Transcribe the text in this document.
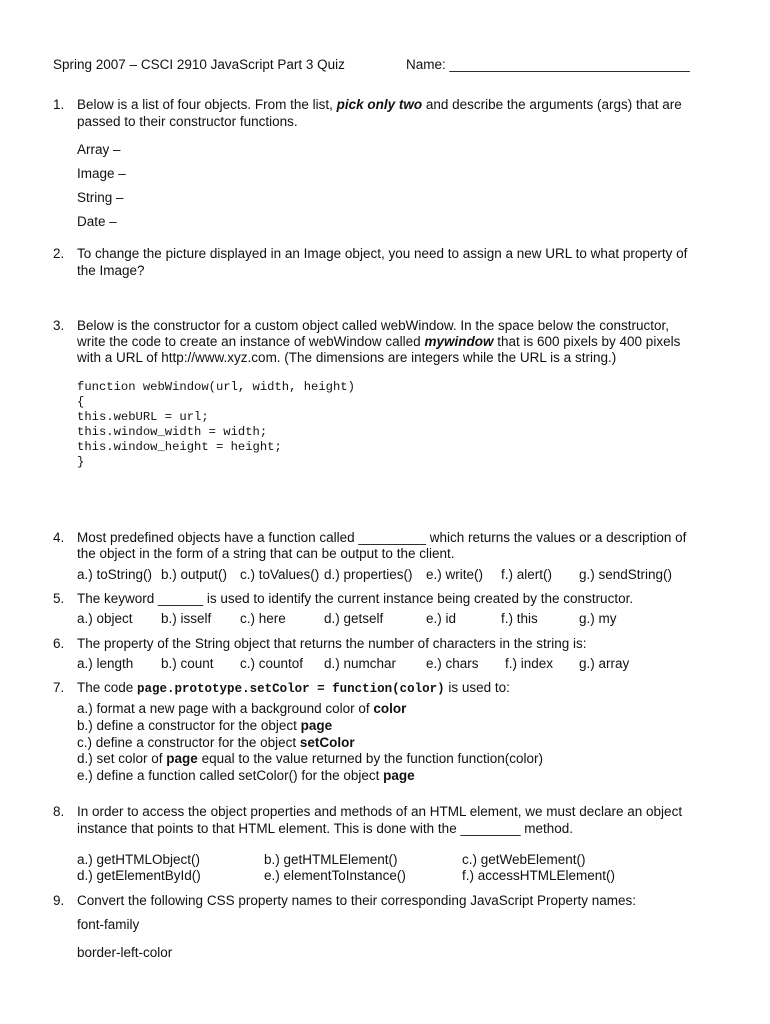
Spring 2007 – CSCI 2910 JavaScript Part 3 Quiz	Name: ________________________________
1. Below is a list of four objects. From the list, pick only two and describe the arguments (args) that are
passed to their constructor functions.
Array –
Image –
String –
Date –
2. To change the picture displayed in an Image object, you need to assign a new URL to what property of
the Image?
3. Below is the constructor for a custom object called webWindow. In the space below the constructor,
write the code to create an instance of webWindow called mywindow that is 600 pixels by 400 pixels
with a URL of http://www.xyz.com. (The dimensions are integers while the URL is a string.)
function webWindow(url, width, height)
{
this.webURL = url;
this.window_width = width;
this.window_height = height;
}
4. Most predefined objects have a function called _________ which returns the values or a description of
the object in the form of a string that can be output to the client.
a.) toString() b.) output() c.) toValues() d.) properties() e.) write() f.) alert() g.) sendString()
5. The keyword ______ is used to identify the current instance being created by the constructor.
a.) object b.) isself c.) here	d.) getself	e.) id	f.) this	g.) my
6. The property of the String object that returns the number of characters in the string is:
a.) length b.) count c.) countof d.) numchar e.) chars f.) index g.) array
7. The code page.prototype.setColor = function(color) is used to:
a.) format a new page with a background color of color
b.) define a constructor for the object page
c.) define a constructor for the object setColor
d.) set color of page equal to the value returned by the function function(color)
e.) define a function called setColor() for the object page
8. In order to access the object properties and methods of an HTML element, we must declare an object
instance that points to that HTML element. This is done with the ________ method.
a.) getHTMLObject()	b.) getHTMLElement()	c.) getWebElement()
d.) getElementById()	e.) elementToInstance()	f.) accessHTMLElement()
9. Convert the following CSS property names to their corresponding JavaScript Property names:
font-family
border-left-color
